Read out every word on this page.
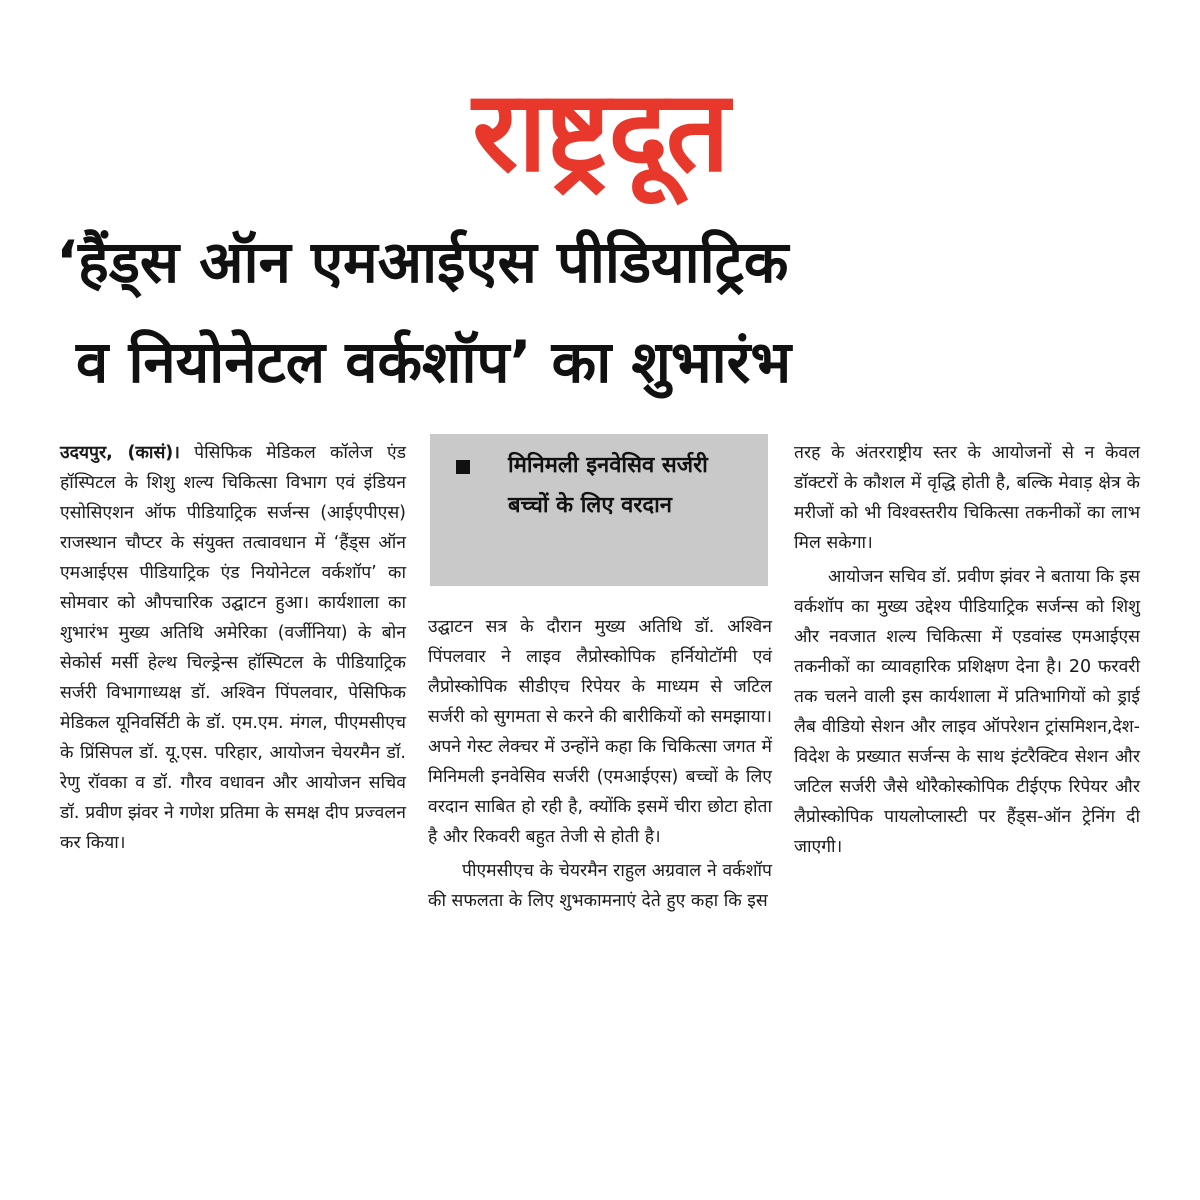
राष्ट्रदूत
‘हैंड्स ऑन एमआईएस पीडियाट्रिक
व नियोनेटल वर्कशॉप’ का शुभारंभ

उदयपुर, (कासं)। पेसिफिक मेडिकल कॉलेज एंड हॉस्पिटल के शिशु शल्य चिकित्सा विभाग एवं इंडियन एसोसिएशन ऑफ पीडियाट्रिक सर्जन्स (आईएपीएस) राजस्थान चौप्टर के संयुक्त तत्वावधान में ‘हैंड्स ऑन एमआईएस पीडियाट्रिक एंड नियोनेटल वर्कशॉप’ का सोमवार को औपचारिक उद्घाटन हुआ। कार्यशाला का शुभारंभ मुख्य अतिथि अमेरिका (वर्जीनिया) के बोन सेकोर्स मर्सी हेल्थ चिल्ड्रेन्स हॉस्पिटल के पीडियाट्रिक सर्जरी विभागाध्यक्ष डॉ. अश्विन पिंपलवार, पेसिफिक मेडिकल यूनिवर्सिटी के डॉ. एम.एम. मंगल, पीएमसीएच के प्रिंसिपल डॉ. यू.एस. परिहार, आयोजन चेयरमैन डॉ. रेणु रॉवका व डॉ. गौरव वधावन और आयोजन सचिव डॉ. प्रवीण झंवर ने गणेश प्रतिमा के समक्ष दीप प्रज्वलन कर किया।

मिनिमली इनवेसिव सर्जरी बच्चों के लिए वरदान

उद्घाटन सत्र के दौरान मुख्य अतिथि डॉ. अश्विन पिंपलवार ने लाइव लैप्रोस्कोपिक हर्नियोटॉमी एवं लैप्रोस्कोपिक सीडीएच रिपेयर के माध्यम से जटिल सर्जरी को सुगमता से करने की बारीकियों को समझाया। अपने गेस्ट लेक्चर में उन्होंने कहा कि चिकित्सा जगत में मिनिमली इनवेसिव सर्जरी (एमआईएस) बच्चों के लिए वरदान साबित हो रही है, क्योंकि इसमें चीरा छोटा होता है और रिकवरी बहुत तेजी से होती है।

पीएमसीएच के चेयरमैन राहुल अग्रवाल ने वर्कशॉप की सफलता के लिए शुभकामनाएं देते हुए कहा कि इस

तरह के अंतरराष्ट्रीय स्तर के आयोजनों से न केवल डॉक्टरों के कौशल में वृद्धि होती है, बल्कि मेवाड़ क्षेत्र के मरीजों को भी विश्वस्तरीय चिकित्सा तकनीकों का लाभ मिल सकेगा।

आयोजन सचिव डॉ. प्रवीण झंवर ने बताया कि इस वर्कशॉप का मुख्य उद्देश्य पीडियाट्रिक सर्जन्स को शिशु और नवजात शल्य चिकित्सा में एडवांस्ड एमआईएस तकनीकों का व्यावहारिक प्रशिक्षण देना है। 20 फरवरी तक चलने वाली इस कार्यशाला में प्रतिभागियों को ड्राई लैब वीडियो सेशन और लाइव ऑपरेशन ट्रांसमिशन,देश-विदेश के प्रख्यात सर्जन्स के साथ इंटरैक्टिव सेशन और जटिल सर्जरी जैसे थोरैकोस्कोपिक टीईएफ रिपेयर और लैप्रोस्कोपिक पायलोप्लास्टी पर हैंड्स-ऑन ट्रेनिंग दी जाएगी।
